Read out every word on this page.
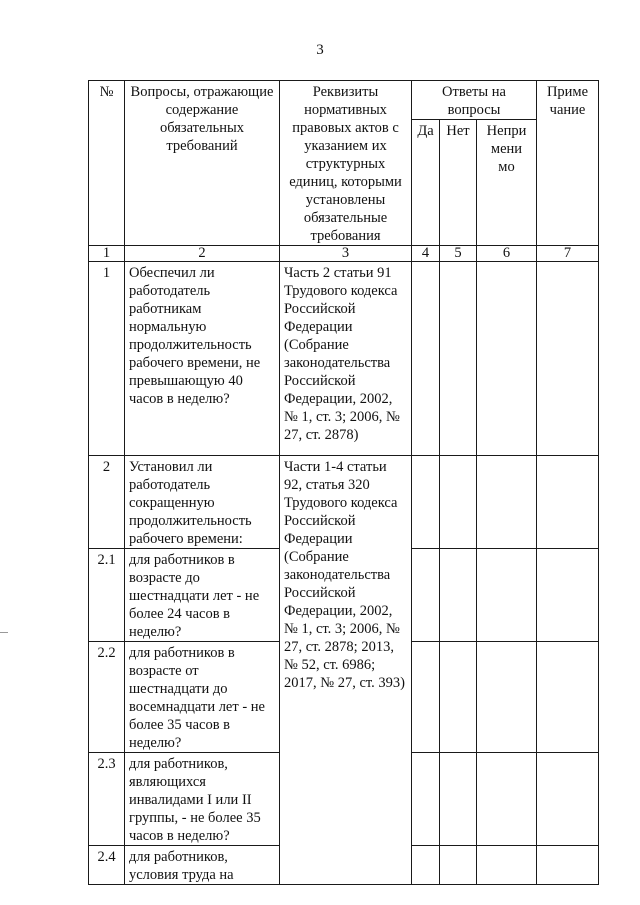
3
№	Вопросы, отражающие содержание обязательных требований	Реквизиты нормативных правовых актов с указанием их структурных единиц, которыми установлены обязательные требования	Ответы на вопросы			Приме чание
			Да	Нет	Непри мени мо	
1	2	3	4	5	6	7
1	Обеспечил ли работодатель работникам нормальную продолжительность рабочего времени, не превышающую 40 часов в неделю?	Часть 2 статьи 91 Трудового кодекса Российской Федерации (Собрание законодательства Российской Федерации, 2002, № 1, ст. 3; 2006, № 27, ст. 2878)				
2	Установил ли работодатель сокращенную продолжительность рабочего времени:	Части 1-4 статьи 92, статья 320 Трудового кодекса Российской Федерации (Собрание законодательства Российской Федерации, 2002, № 1, ст. 3; 2006, № 27, ст. 2878; 2013, № 52, ст. 6986; 2017, № 27, ст. 393)				
2.1	для работников в возрасте до шестнадцати лет - не более 24 часов в неделю?					
2.2	для работников в возрасте от шестнадцати до восемнадцати лет - не более 35 часов в неделю?					
2.3	для работников, являющихся инвалидами I или II группы, - не более 35 часов в неделю?					
2.4	для работников, условия труда на					
